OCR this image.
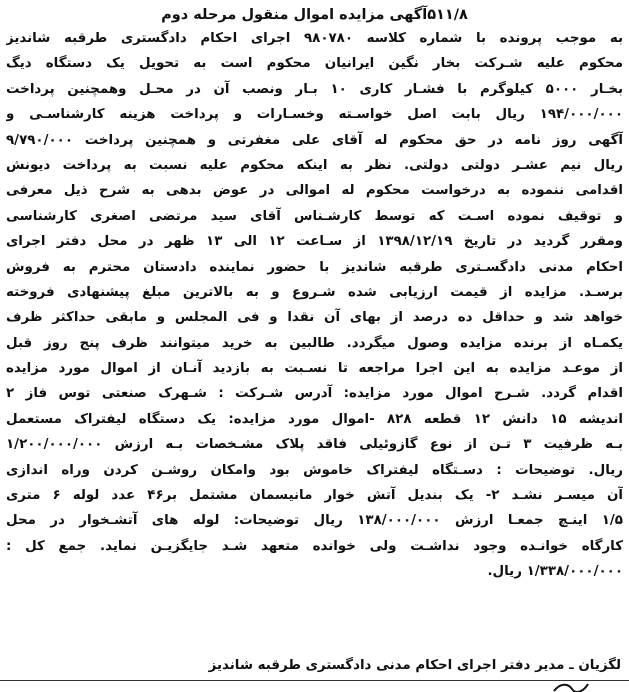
۵۱۱/۸آگهی مزایده اموال منقول مرحله دوم
به موجب پرونده با شماره کلاسه ۹۸۰۷۸۰ اجرای احکام دادگستری طرقبه شاندیز
محکوم علیه شـرکت بخار نگین ایرانیان محکوم است به تحویل یک دستگاه دیگ
بخـار ۵۰۰۰ کیلوگرم با فشـار کاری ۱۰ بـار ونصب آن در محـل وهمچنین پرداخت
۱۹۴/۰۰۰/۰۰۰ ریال بابت اصل خواسـته وخسـارات و پرداخت هزینه کارشناسـی و
آگهی روز نامه در حق محکوم له آقای علی مغفرتی و همچنین پرداخت ۹/۷۹۰/۰۰۰
ریال نیم عشـر دولتی دولتی. نظر به اینکه محکوم علیه نسبت به پرداخت دیونش
اقدامی ننموده به درخواست محکوم له اموالی در عوض بدهی به شرح ذیل معرفی
و توقیف نموده اسـت که توسط کارشـناس آقای سید مرتضی اصغری کارشناسی
ومقرر گردید در تاریخ ۱۳۹۸/۱۲/۱۹ از سـاعت ۱۲ الی ۱۳ ظهر در محل دفتر اجرای
احکام مدنی دادگسـتری طرقبه شاندیز با حضور نماینده دادستان محترم به فروش
برسـد. مزایده از قیمت ارزیابی شده شـروع و به بالاترین مبلغ پیشنهادی فروخته
خواهد شد و حداقل ده درصد از بهای آن نقدا و فی المجلس و مابقی حداکثر ظرف
یکمـاه از برنده مزایده وصول میگردد. طالبین به خرید میتوانند ظرف پنج روز قبل
از موعـد مزایده به این اجرا مراجعه تا نسـبت به بازدید آنـان از اموال مورد مزایده
اقدام گردد. شـرح اموال مورد مزایده: آدرس شـرکت : شـهرک صنعتی توس فاز ۲
اندیشه ۱۵ دانش ۱۲ قطعه ۸۲۸ -اموال مورد مزایده: یک دستگاه لیفتراک مستعمل
بـه ظرفیت ۳ تـن از نوع گازوئیلی فاقد پلاک مشـخصات بـه ارزش ۱/۲۰۰/۰۰۰/۰۰۰
ریال. توضیحات : دسـتگاه لیفتراک خاموش بود وامکان روشـن کردن وراه اندازی
آن میسـر نشـد ۲- یک بندیل آتش خوار مانیسمان مشتمل بر۴۶ عدد لوله ۶ متری
۱/۵ اینـچ جمعـا ارزش ۱۳۸/۰۰۰/۰۰۰ ریال توضیحات: لوله های آتشـخوار در محل
کارگاه خوانـده وجود نداشـت ولی خوانده متعهد شـد جایگزیـن نماید. جمع کل :
۱/۳۳۸/۰۰۰/۰۰۰ ریال.
لگزیان ـ مدیر دفتر اجرای احکام مدنی دادگستری طرقبه شاندیز
